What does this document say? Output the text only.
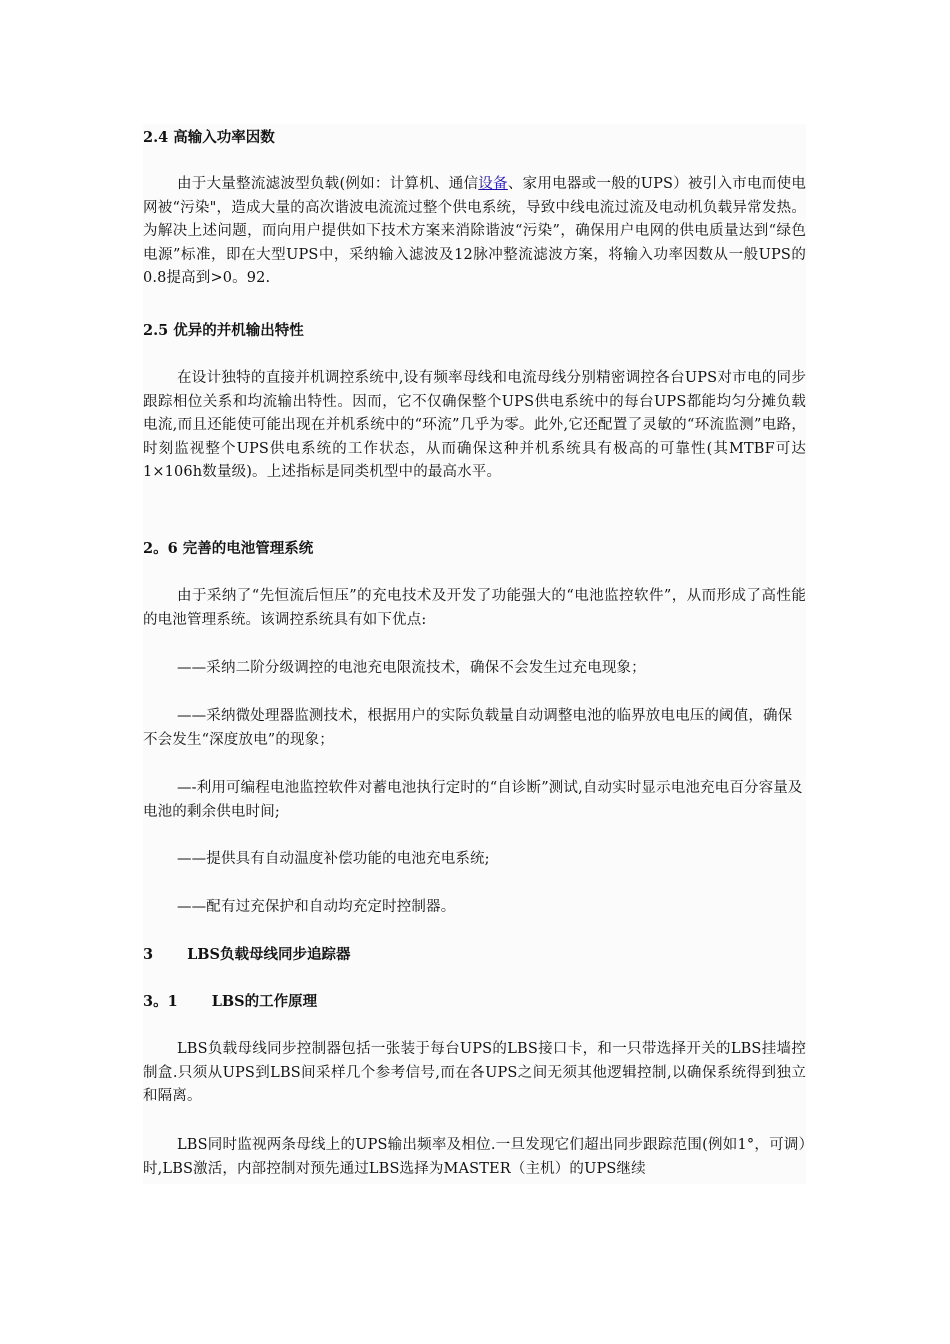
2.4 高输入功率因数
由于大量整流滤波型负载(例如：计算机、通信设备、家用电器或一般的UPS）被引入市电而使电网被“污染"，造成大量的高次谐波电流流过整个供电系统，导致中线电流过流及电动机负载异常发热。为解决上述问题，而向用户提供如下技术方案来消除谐波“污染”，确保用户电网的供电质量达到“绿色电源”标准，即在大型UPS中，采纳输入滤波及12脉冲整流滤波方案，将输入功率因数从一般UPS的0.8提高到>0。92.
2.5 优异的并机输出特性
在设计独特的直接并机调控系统中,设有频率母线和电流母线分别精密调控各台UPS对市电的同步跟踪相位关系和均流输出特性。因而，它不仅确保整个UPS供电系统中的每台UPS都能均匀分摊负载电流,而且还能使可能出现在并机系统中的“环流”几乎为零。此外,它还配置了灵敏的“环流监测”电路，时刻监视整个UPS供电系统的工作状态，从而确保这种并机系统具有极高的可靠性(其MTBF可达1×106h数量级)。上述指标是同类机型中的最高水平。
2。6 完善的电池管理系统
由于采纳了“先恒流后恒压”的充电技术及开发了功能强大的“电池监控软件”，从而形成了高性能的电池管理系统。该调控系统具有如下优点:
——采纳二阶分级调控的电池充电限流技术，确保不会发生过充电现象；
——采纳微处理器监测技术，根据用户的实际负载量自动调整电池的临界放电电压的阈值，确保不会发生“深度放电”的现象；
—-利用可编程电池监控软件对蓄电池执行定时的“自诊断”测试,自动实时显示电池充电百分容量及电池的剩余供电时间;
——提供具有自动温度补偿功能的电池充电系统;
——配有过充保护和自动均充定时控制器。
3 LBS负载母线同步追踪器
3。1 LBS的工作原理
LBS负载母线同步控制器包括一张装于每台UPS的LBS接口卡，和一只带选择开关的LBS挂墙控制盒.只须从UPS到LBS间采样几个参考信号,而在各UPS之间无须其他逻辑控制,以确保系统得到独立和隔离。
LBS同时监视两条母线上的UPS输出频率及相位.一旦发现它们超出同步跟踪范围(例如1°，可调）时,LBS激活，内部控制对预先通过LBS选择为MASTER（主机）的UPS继续
